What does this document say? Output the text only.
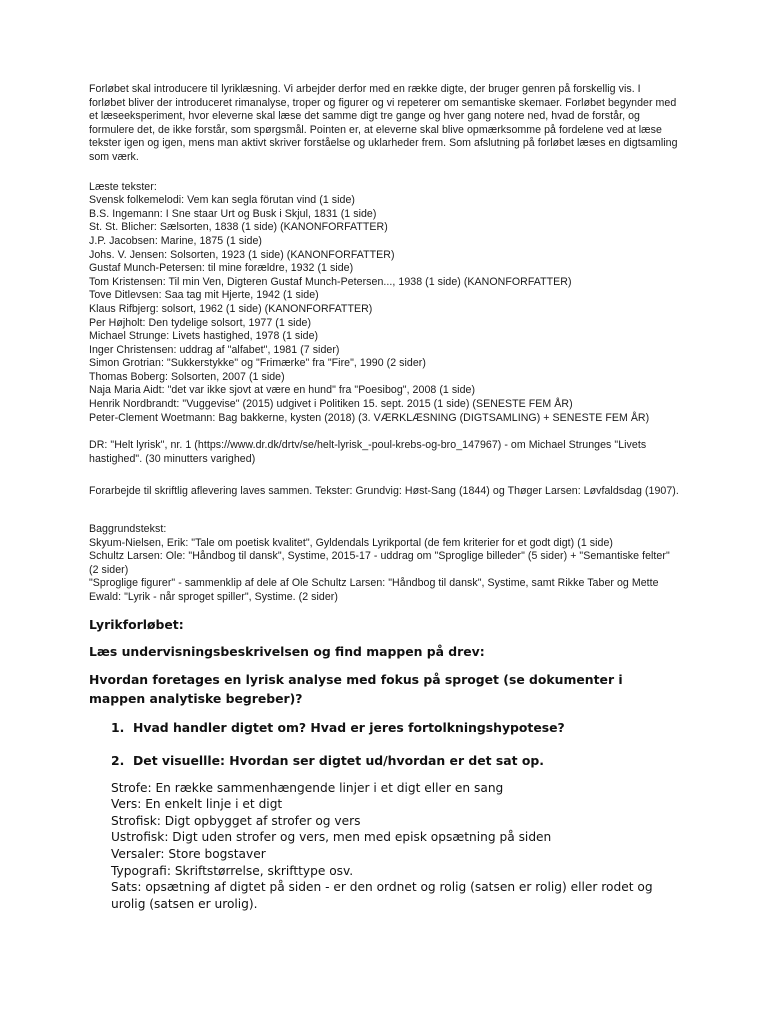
Forløbet skal introducere til lyriklæsning. Vi arbejder derfor med en række digte, der bruger genren på forskellig vis. I forløbet bliver der introduceret rimanalyse, troper og figurer og vi repeterer om semantiske skemaer. Forløbet begynder med et læseeksperiment, hvor eleverne skal læse det samme digt tre gange og hver gang notere ned, hvad de forstår, og formulere det, de ikke forstår, som spørgsmål. Pointen er, at eleverne skal blive opmærksomme på fordelene ved at læse tekster igen og igen, mens man aktivt skriver forståelse og uklarheder frem. Som afslutning på forløbet læses en digtsamling som værk.

Læste tekster:
Svensk folkemelodi: Vem kan segla förutan vind (1 side)
B.S. Ingemann: I Sne staar Urt og Busk i Skjul, 1831 (1 side)
St. St. Blicher: Sælsorten, 1838 (1 side) (KANONFORFATTER)
J.P. Jacobsen: Marine, 1875 (1 side)
Johs. V. Jensen: Solsorten, 1923 (1 side) (KANONFORFATTER)
Gustaf Munch-Petersen: til mine forældre, 1932 (1 side)
Tom Kristensen: Til min Ven, Digteren Gustaf Munch-Petersen..., 1938 (1 side) (KANONFORFATTER)
Tove Ditlevsen: Saa tag mit Hjerte, 1942 (1 side)
Klaus Rifbjerg: solsort, 1962 (1 side) (KANONFORFATTER)
Per Højholt: Den tydelige solsort, 1977 (1 side)
Michael Strunge: Livets hastighed, 1978 (1 side)
Inger Christensen: uddrag af "alfabet", 1981 (7 sider)
Simon Grotrian: "Sukkerstykke" og "Frimærke" fra "Fire", 1990 (2 sider)
Thomas Boberg: Solsorten, 2007 (1 side)
Naja Maria Aidt: "det var ikke sjovt at være en hund" fra "Poesibog", 2008 (1 side)
Henrik Nordbrandt: "Vuggevise" (2015) udgivet i Politiken 15. sept. 2015 (1 side) (SENESTE FEM ÅR)
Peter-Clement Woetmann: Bag bakkerne, kysten (2018) (3. VÆRKLÆSNING (DIGTSAMLING) + SENESTE FEM ÅR)
DR: "Helt lyrisk", nr. 1 (https://www.dr.dk/drtv/se/helt-lyrisk_-poul-krebs-og-bro_147967) - om Michael Strunges "Livets hastighed". (30 minutters varighed)
Forarbejde til skriftlig aflevering laves sammen. Tekster: Grundvig: Høst-Sang (1844) og Thøger Larsen: Løvfaldsdag (1907).
Baggrundstekst:
Skyum-Nielsen, Erik: "Tale om poetisk kvalitet", Gyldendals Lyrikportal (de fem kriterier for et godt digt) (1 side)
Schultz Larsen: Ole: "Håndbog til dansk", Systime, 2015-17 - uddrag om "Sproglige billeder" (5 sider) + "Semantiske felter" (2 sider)
"Sproglige figurer" - sammenklip af dele af Ole Schultz Larsen: "Håndbog til dansk", Systime, samt Rikke Taber og Mette Ewald: "Lyrik - når sproget spiller", Systime. (2 sider)

Lyrikforløbet:

Læs undervisningsbeskrivelsen og find mappen på drev:

Hvordan foretages en lyrisk analyse med fokus på sproget (se dokumenter i mappen analytiske begreber)?

1. Hvad handler digtet om? Hvad er jeres fortolkningshypotese?
2. Det visuellle: Hvordan ser digtet ud/hvordan er det sat op.
Strofe: En række sammenhængende linjer i et digt eller en sang
Vers: En enkelt linje i et digt
Strofisk: Digt opbygget af strofer og vers
Ustrofisk: Digt uden strofer og vers, men med episk opsætning på siden
Versaler: Store bogstaver
Typografi: Skriftstørrelse, skrifttype osv.
Sats: opsætning af digtet på siden - er den ordnet og rolig (satsen er rolig) eller rodet og urolig (satsen er urolig).
